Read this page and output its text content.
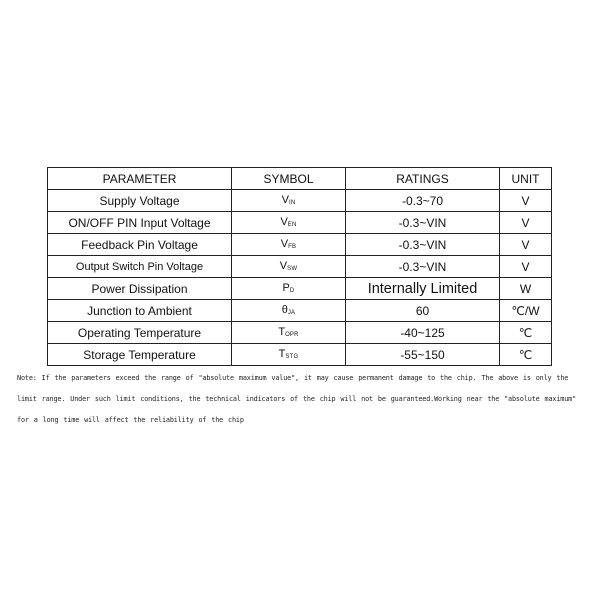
PARAMETER	SYMBOL	RATINGS	UNIT
Supply Voltage	VIN	-0.3~70	V
ON/OFF PIN Input Voltage	VEN	-0.3~VIN	V
Feedback Pin Voltage	VFB	-0.3~VIN	V
Output Switch Pin Voltage	VSW	-0.3~VIN	V
Power Dissipation	PD	Internally Limited	W
Junction to Ambient	θJA	60	℃/W
Operating Temperature	TOPR	-40~125	℃
Storage Temperature	TSTG	-55~150	℃
Note: If the parameters exceed the range of "absolute maximum value", it may cause permanent damage to the chip. The above is only the limit range. Under such limit conditions, the technical indicators of the chip will not be guaranteed.Working near the "absolute maximum" for a long time will affect the reliability of the chip
